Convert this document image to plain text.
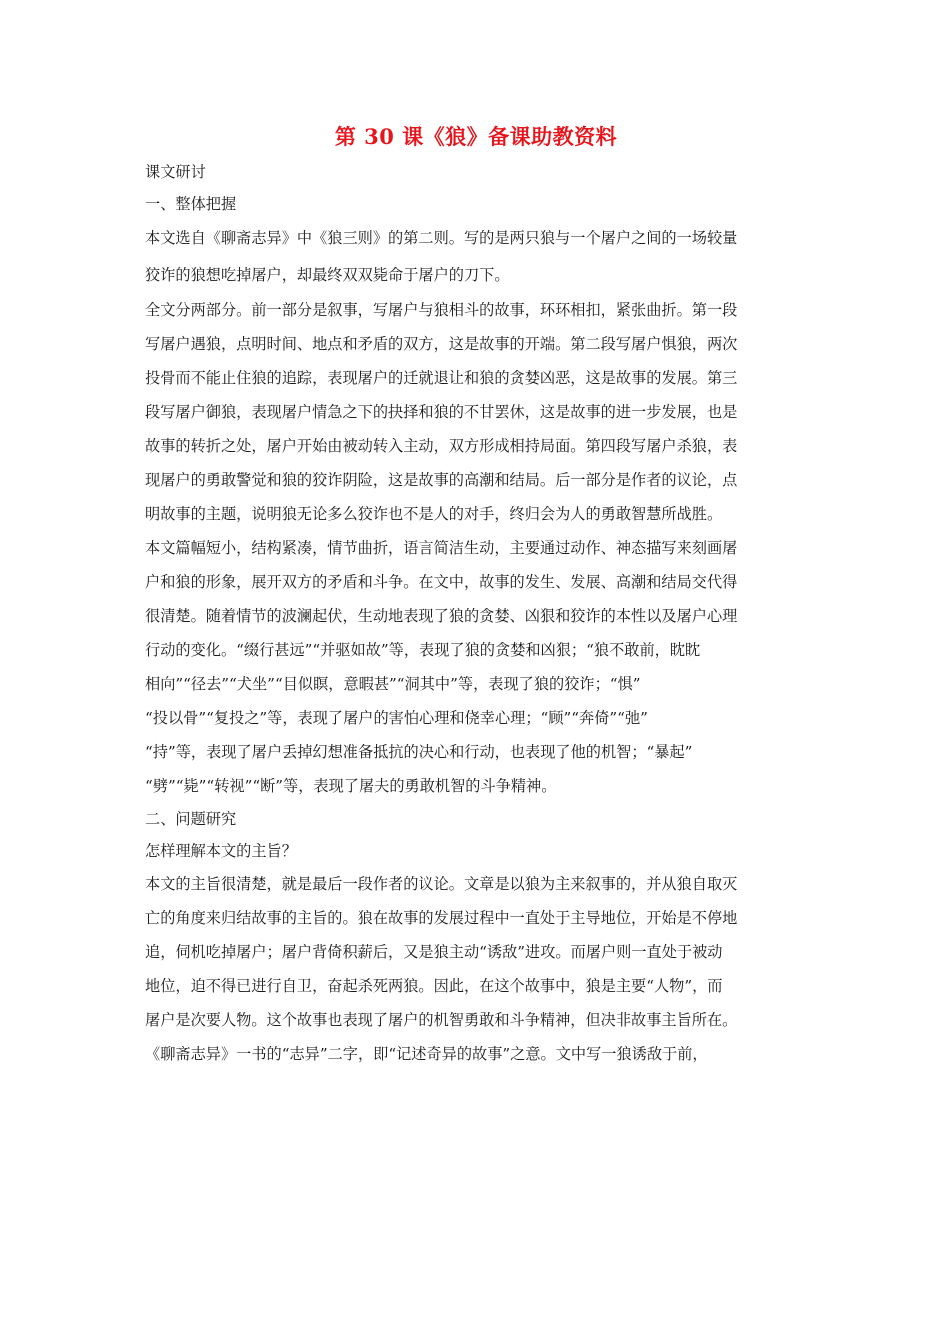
第 30 课《狼》备课助教资料

课文研讨

一、整体把握

本文选自《聊斋志异》中《狼三则》的第二则。写的是两只狼与一个屠户之间的一场较量

狡诈的狼想吃掉屠户，却最终双双毙命于屠户的刀下。

全文分两部分。前一部分是叙事，写屠户与狼相斗的故事，环环相扣，紧张曲折。第一段

写屠户遇狼，点明时间、地点和矛盾的双方，这是故事的开端。第二段写屠户惧狼，两次

投骨而不能止住狼的追踪，表现屠户的迁就退让和狼的贪婪凶恶，这是故事的发展。第三

段写屠户御狼，表现屠户情急之下的抉择和狼的不甘罢休，这是故事的进一步发展，也是

故事的转折之处，屠户开始由被动转入主动，双方形成相持局面。第四段写屠户杀狼，表

现屠户的勇敢警觉和狼的狡诈阴险，这是故事的高潮和结局。后一部分是作者的议论，点

明故事的主题，说明狼无论多么狡诈也不是人的对手，终归会为人的勇敢智慧所战胜。

本文篇幅短小，结构紧凑，情节曲折，语言简洁生动，主要通过动作、神态描写来刻画屠

户和狼的形象，展开双方的矛盾和斗争。在文中，故事的发生、发展、高潮和结局交代得

很清楚。随着情节的波澜起伏，生动地表现了狼的贪婪、凶狠和狡诈的本性以及屠户心理

行动的变化。“缀行甚远”“并驱如故”等，表现了狼的贪婪和凶狠；“狼不敢前，眈眈

相向”“径去”“犬坐”“目似瞑，意暇甚”“洞其中”等，表现了狼的狡诈；“惧”

“投以骨”“复投之”等，表现了屠户的害怕心理和侥幸心理；“顾”“奔倚”“弛”

“持”等，表现了屠户丢掉幻想准备抵抗的决心和行动，也表现了他的机智；“暴起”

“劈”“毙”“转视”“断”等，表现了屠夫的勇敢机智的斗争精神。

二、问题研究

怎样理解本文的主旨？

本文的主旨很清楚，就是最后一段作者的议论。文章是以狼为主来叙事的，并从狼自取灭

亡的角度来归结故事的主旨的。狼在故事的发展过程中一直处于主导地位，开始是不停地

追，伺机吃掉屠户；屠户背倚积薪后，又是狼主动“诱敌”进攻。而屠户则一直处于被动

地位，迫不得已进行自卫，奋起杀死两狼。因此，在这个故事中，狼是主要“人物”，而

屠户是次要人物。这个故事也表现了屠户的机智勇敢和斗争精神，但决非故事主旨所在。

《聊斋志异》一书的“志异”二字，即“记述奇异的故事”之意。文中写一狼诱敌于前，
